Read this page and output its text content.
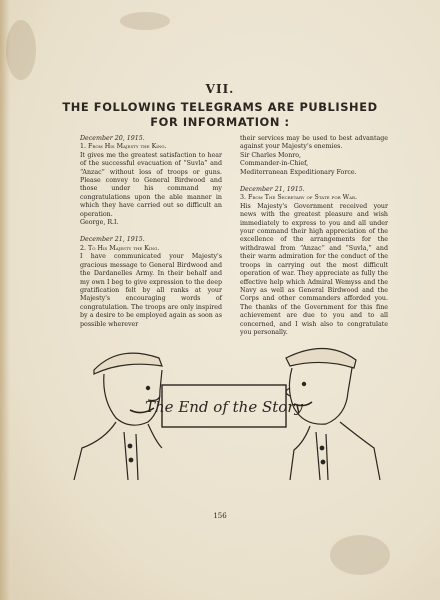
VII.
THE FOLLOWING TELEGRAMS ARE PUBLISHED
FOR INFORMATION :

December 20, 1915.

1. From His Majesty the King.

It gives me the greatest satisfaction to hear of the successful evacuation of “Suvla” and “Anzac” without loss of troops or guns. Please convey to General Birdwood and those under his command my congratulations upon the able manner in which they have carried out so difficult an operation.

George, R.I.

December 21, 1915.

2. To His Majesty the King.

I have communicated your Majesty's gracious message to General Birdwood and the Dardanelles Army. In their behalf and my own I beg to give expression to the deep gratification felt by all ranks at your Majesty's encouraging words of congratulation. The troops are only inspired by a desire to be employed again as soon as possible wherever

their services may be used to best advantage against your Majesty's enemies.

Sir Charles Monro,

Commander-in-Chief,

Mediterranean Expeditionary Force.

December 21, 1915.

3. From The Secretary of State for War.

His Majesty's Government received your news with the greatest pleasure and wish immediately to express to you and all under your command their high appreciation of the excellence of the arrangements for the withdrawal from “Anzac” and “Suvla,” and their warm admiration for the conduct of the troops in carrying out the most difficult operation of war. They appreciate as fully the effective help which Admiral Wemyss and the Navy as well as General Birdwood and the Corps and other commanders afforded you. The thanks of the Government for this fine achievement are due to you and to all concerned, and I wish also to congratulate you personally.

The End of the Story
156
